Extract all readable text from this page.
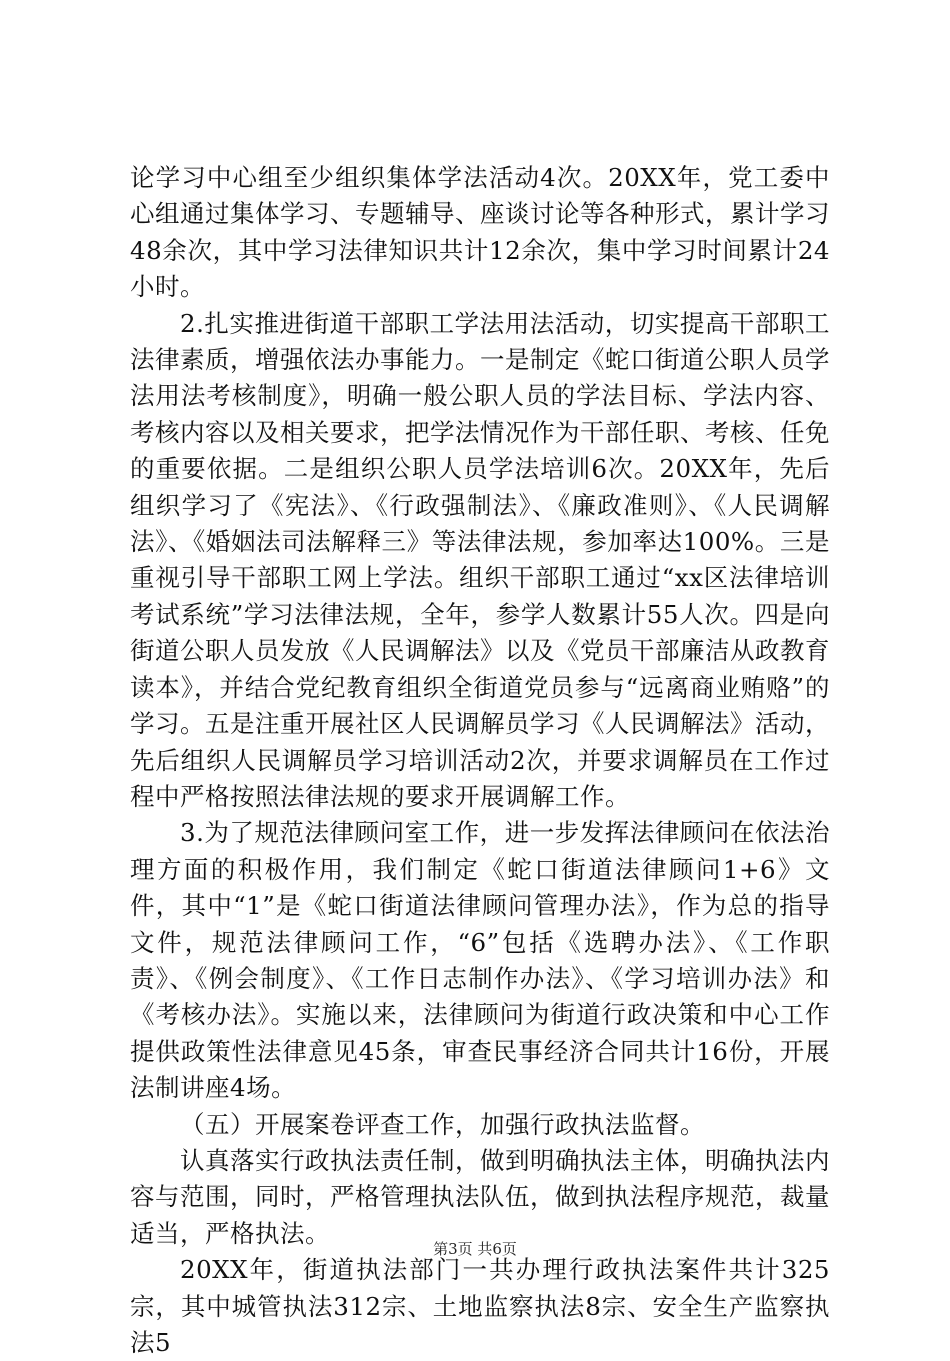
论学习中心组至少组织集体学法活动4次。20XX年，党工委中心组通过集体学习、专题辅导、座谈讨论等各种形式，累计学习48余次，其中学习法律知识共计12余次，集中学习时间累计24小时。

2.扎实推进街道干部职工学法用法活动，切实提高干部职工法律素质，增强依法办事能力。一是制定《蛇口街道公职人员学法用法考核制度》，明确一般公职人员的学法目标、学法内容、考核内容以及相关要求，把学法情况作为干部任职、考核、任免的重要依据。二是组织公职人员学法培训6次。20XX年，先后组织学习了《宪法》、《行政强制法》、《廉政准则》、《人民调解法》、《婚姻法司法解释三》等法律法规，参加率达100%。三是重视引导干部职工网上学法。组织干部职工通过“xx区法律培训考试系统”学习法律法规，全年，参学人数累计55人次。四是向街道公职人员发放《人民调解法》以及《党员干部廉洁从政教育读本》，并结合党纪教育组织全街道党员参与“远离商业贿赂”的学习。五是注重开展社区人民调解员学习《人民调解法》活动，先后组织人民调解员学习培训活动2次，并要求调解员在工作过程中严格按照法律法规的要求开展调解工作。

3.为了规范法律顾问室工作，进一步发挥法律顾问在依法治理方面的积极作用，我们制定《蛇口街道法律顾问1+6》文件，其中“1”是《蛇口街道法律顾问管理办法》，作为总的指导文件，规范法律顾问工作，“6”包括《选聘办法》、《工作职责》、《例会制度》、《工作日志制作办法》、《学习培训办法》和《考核办法》。实施以来，法律顾问为街道行政决策和中心工作提供政策性法律意见45条，审查民事经济合同共计16份，开展法制讲座4场。

（五）开展案卷评查工作，加强行政执法监督。

认真落实行政执法责任制，做到明确执法主体，明确执法内容与范围，同时，严格管理执法队伍，做到执法程序规范，裁量适当，严格执法。

20XX年，街道执法部门一共办理行政执法案件共计325宗，其中城管执法312宗、土地监察执法8宗、安全生产监察执法5

第3页 共6页
